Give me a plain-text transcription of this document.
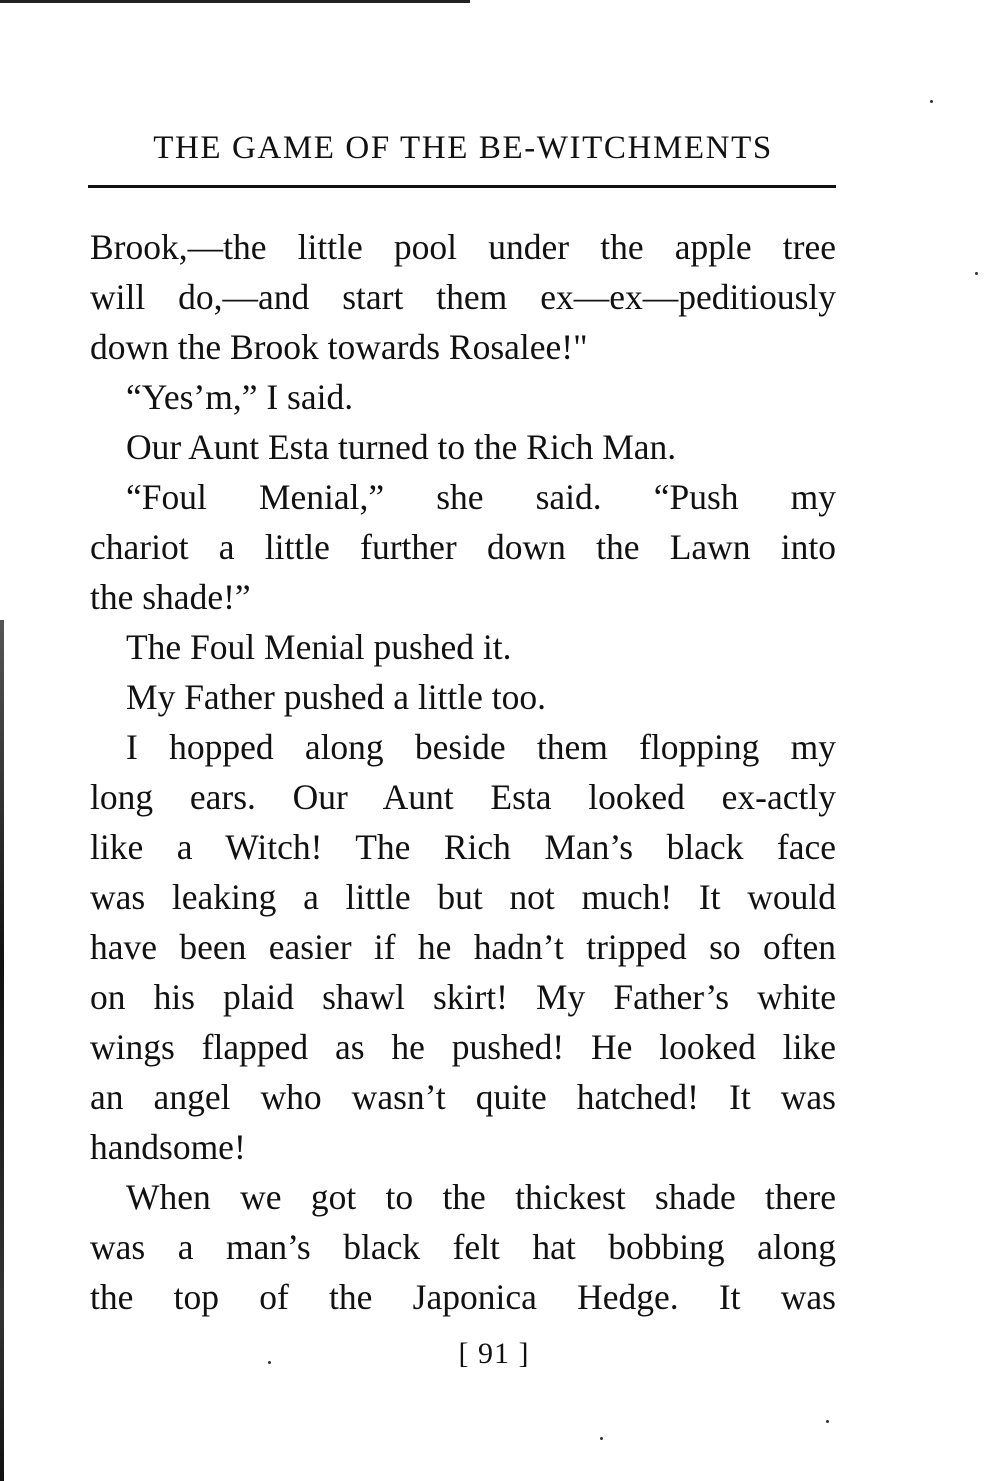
THE GAME OF THE BE-WITCHMENTS
Brook,—the little pool under the apple tree
will do,—and start them ex—ex—peditiously
down the Brook towards Rosalee!"
“Yes’m,” I said.
Our Aunt Esta turned to the Rich Man.
“Foul Menial,” she said. “Push my
chariot a little further down the Lawn into
the shade!”
The Foul Menial pushed it.
My Father pushed a little too.
I hopped along beside them flopping my
long ears. Our Aunt Esta looked ex-actly
like a Witch! The Rich Man’s black face
was leaking a little but not much! It would
have been easier if he hadn’t tripped so often
on his plaid shawl skirt! My Father’s white
wings flapped as he pushed! He looked like
an angel who wasn’t quite hatched! It was
handsome!
When we got to the thickest shade there
was a man’s black felt hat bobbing along
the top of the Japonica Hedge. It was
[ 91 ]
